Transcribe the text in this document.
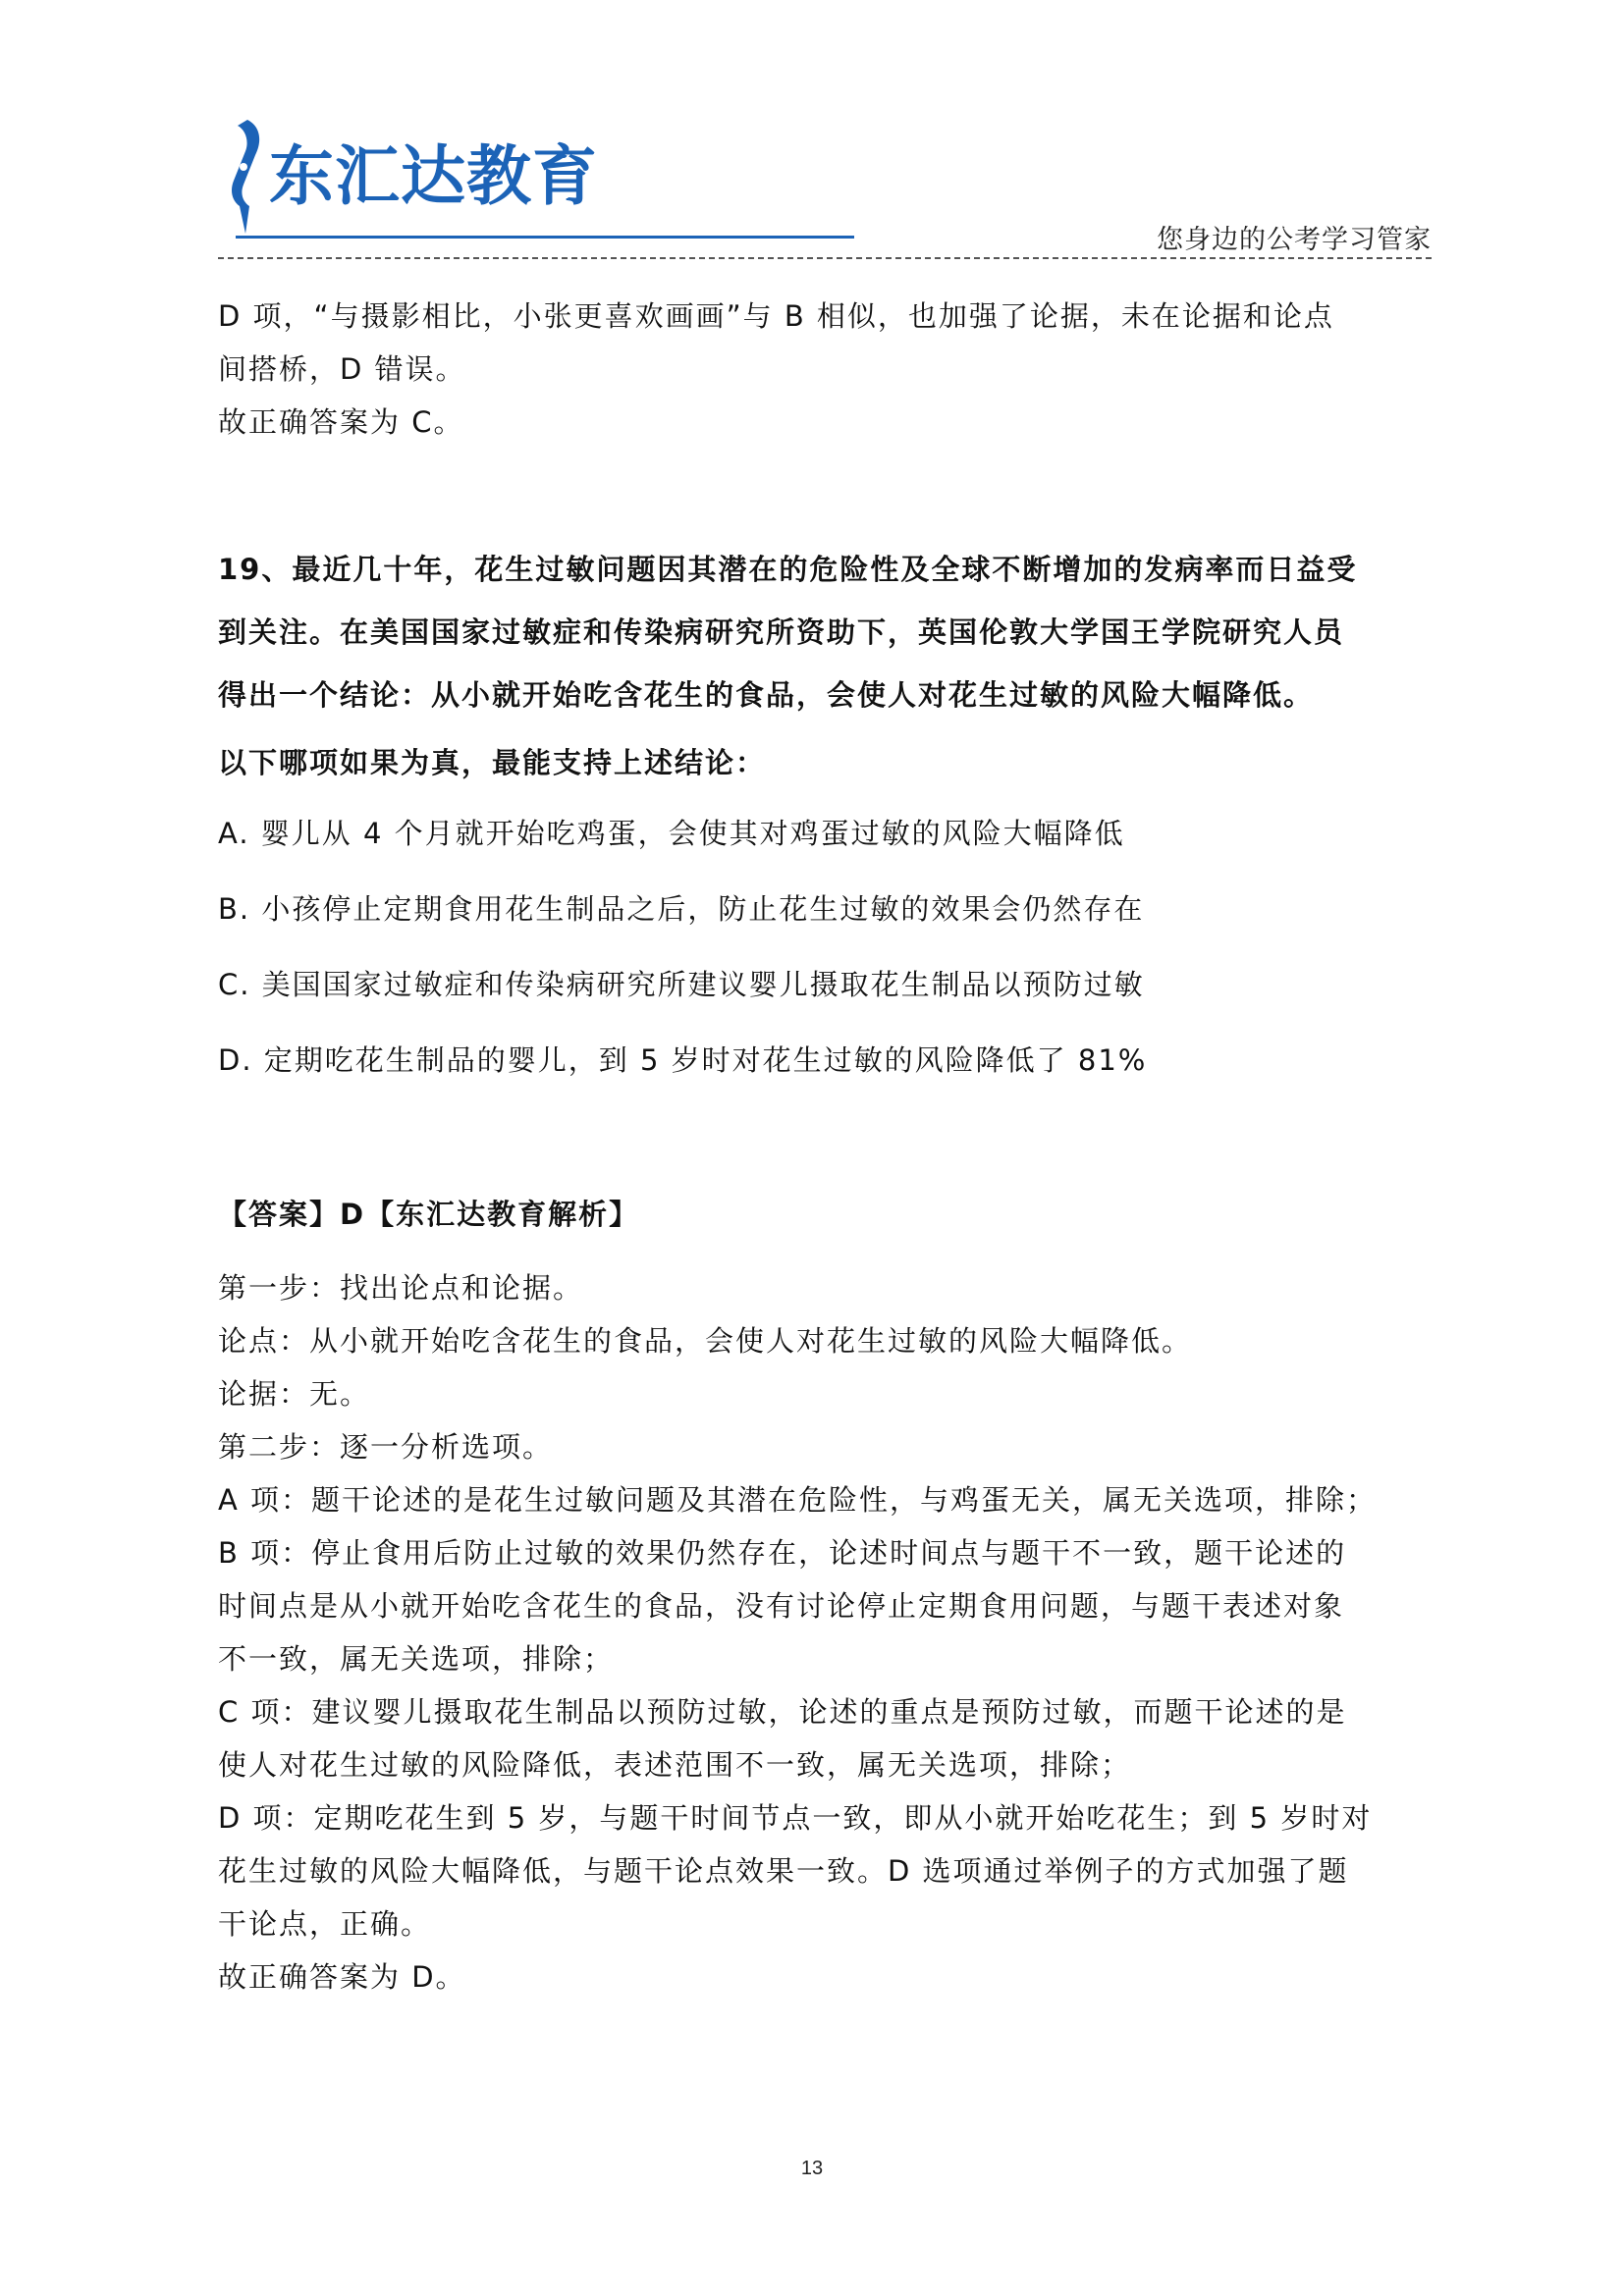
东汇达教育
您身边的公考学习管家

D 项，“与摄影相比，小张更喜欢画画”与 B 相似，也加强了论据，未在论据和论点

间搭桥，D 错误。

故正确答案为 C。

19、最近几十年，花生过敏问题因其潜在的危险性及全球不断增加的发病率而日益受

到关注。在美国国家过敏症和传染病研究所资助下，英国伦敦大学国王学院研究人员

得出一个结论：从小就开始吃含花生的食品，会使人对花生过敏的风险大幅降低。

以下哪项如果为真，最能支持上述结论：

A. 婴儿从 4 个月就开始吃鸡蛋，会使其对鸡蛋过敏的风险大幅降低

B. 小孩停止定期食用花生制品之后，防止花生过敏的效果会仍然存在

C. 美国国家过敏症和传染病研究所建议婴儿摄取花生制品以预防过敏

D. 定期吃花生制品的婴儿，到 5 岁时对花生过敏的风险降低了 81%

【答案】D【东汇达教育解析】

第一步：找出论点和论据。

论点：从小就开始吃含花生的食品，会使人对花生过敏的风险大幅降低。

论据：无。

第二步：逐一分析选项。

A 项：题干论述的是花生过敏问题及其潜在危险性，与鸡蛋无关，属无关选项，排除；

B 项：停止食用后防止过敏的效果仍然存在，论述时间点与题干不一致，题干论述的

时间点是从小就开始吃含花生的食品，没有讨论停止定期食用问题，与题干表述对象

不一致，属无关选项，排除；

C 项：建议婴儿摄取花生制品以预防过敏，论述的重点是预防过敏，而题干论述的是

使人对花生过敏的风险降低，表述范围不一致，属无关选项，排除；

D 项：定期吃花生到 5 岁，与题干时间节点一致，即从小就开始吃花生；到 5 岁时对

花生过敏的风险大幅降低，与题干论点效果一致。D 选项通过举例子的方式加强了题

干论点，正确。

故正确答案为 D。

13
